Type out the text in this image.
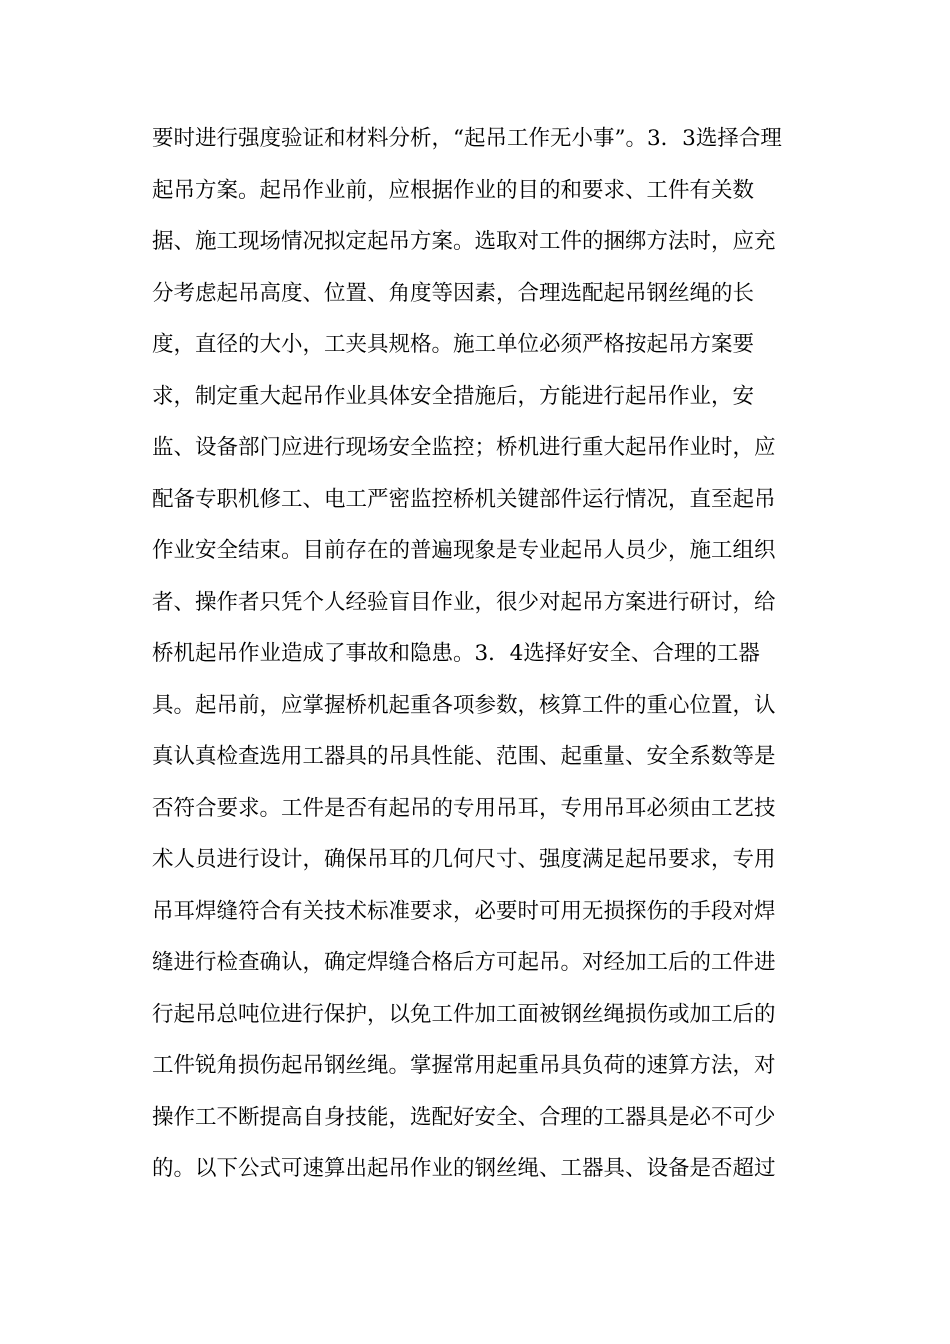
要时进行强度验证和材料分析，“起吊工作无小事”。3．3选择合理
起吊方案。起吊作业前，应根据作业的目的和要求、工件有关数
据、施工现场情况拟定起吊方案。选取对工件的捆绑方法时，应充
分考虑起吊高度、位置、角度等因素，合理选配起吊钢丝绳的长
度，直径的大小，工夹具规格。施工单位必须严格按起吊方案要
求，制定重大起吊作业具体安全措施后，方能进行起吊作业，安
监、设备部门应进行现场安全监控；桥机进行重大起吊作业时，应
配备专职机修工、电工严密监控桥机关键部件运行情况，直至起吊
作业安全结束。目前存在的普遍现象是专业起吊人员少，施工组织
者、操作者只凭个人经验盲目作业，很少对起吊方案进行研讨，给
桥机起吊作业造成了事故和隐患。3．4选择好安全、合理的工器
具。起吊前，应掌握桥机起重各项参数，核算工件的重心位置，认
真认真检查选用工器具的吊具性能、范围、起重量、安全系数等是
否符合要求。工件是否有起吊的专用吊耳，专用吊耳必须由工艺技
术人员进行设计，确保吊耳的几何尺寸、强度满足起吊要求，专用
吊耳焊缝符合有关技术标准要求，必要时可用无损探伤的手段对焊
缝进行检查确认，确定焊缝合格后方可起吊。对经加工后的工件进
行起吊总吨位进行保护，以免工件加工面被钢丝绳损伤或加工后的
工件锐角损伤起吊钢丝绳。掌握常用起重吊具负荷的速算方法，对
操作工不断提高自身技能，选配好安全、合理的工器具是必不可少
的。以下公式可速算出起吊作业的钢丝绳、工器具、设备是否超过
